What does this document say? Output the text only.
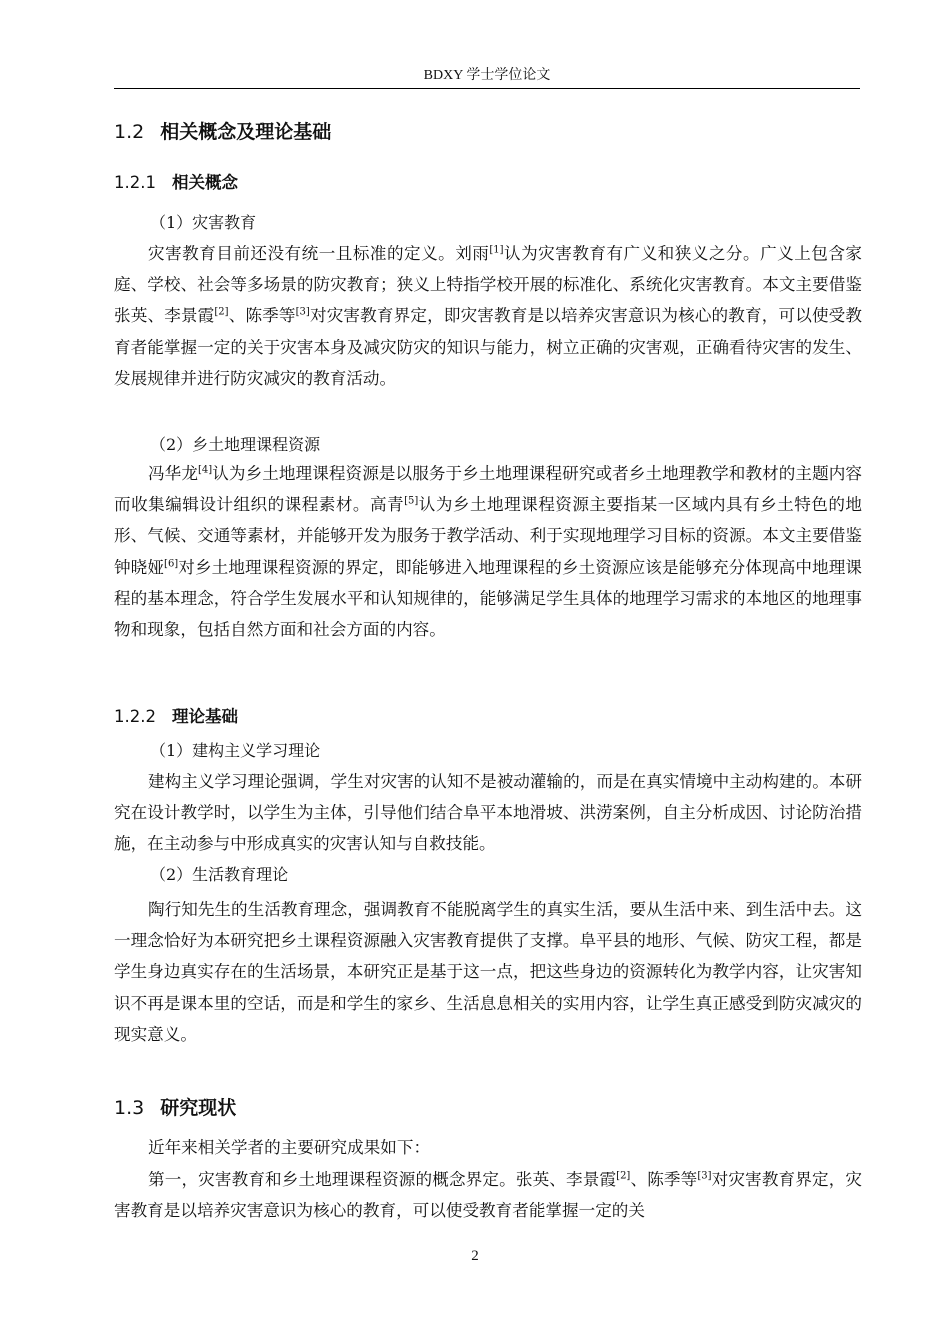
BDXY 学士学位论文
1.2 相关概念及理论基础
1.2.1 相关概念
（1）灾害教育

灾害教育目前还没有统一且标准的定义。刘雨[1]认为灾害教育有广义和狭义之分。广义上包含家庭、学校、社会等多场景的防灾教育；狭义上特指学校开展的标准化、系统化灾害教育。本文主要借鉴张英、李景霞[2]、陈季等[3]对灾害教育界定，即灾害教育是以培养灾害意识为核心的教育，可以使受教育者能掌握一定的关于灾害本身及减灾防灾的知识与能力，树立正确的灾害观，正确看待灾害的发生、发展规律并进行防灾减灾的教育活动。

（2）乡土地理课程资源

冯华龙[4]认为乡土地理课程资源是以服务于乡土地理课程研究或者乡土地理教学和教材的主题内容而收集编辑设计组织的课程素材。高青[5]认为乡土地理课程资源主要指某一区域内具有乡土特色的地形、气候、交通等素材，并能够开发为服务于教学活动、利于实现地理学习目标的资源。本文主要借鉴钟晓娅[6]对乡土地理课程资源的界定，即能够进入地理课程的乡土资源应该是能够充分体现高中地理课程的基本理念，符合学生发展水平和认知规律的，能够满足学生具体的地理学习需求的本地区的地理事物和现象，包括自然方面和社会方面的内容。

1.2.2 理论基础
（1）建构主义学习理论

建构主义学习理论强调，学生对灾害的认知不是被动灌输的，而是在真实情境中主动构建的。本研究在设计教学时，以学生为主体，引导他们结合阜平本地滑坡、洪涝案例，自主分析成因、讨论防治措施，在主动参与中形成真实的灾害认知与自救技能。

（2）生活教育理论

陶行知先生的生活教育理念，强调教育不能脱离学生的真实生活，要从生活中来、到生活中去。这一理念恰好为本研究把乡土课程资源融入灾害教育提供了支撑。阜平县的地形、气候、防灾工程，都是学生身边真实存在的生活场景，本研究正是基于这一点，把这些身边的资源转化为教学内容，让灾害知识不再是课本里的空话，而是和学生的家乡、生活息息相关的实用内容，让学生真正感受到防灾减灾的现实意义。

1.3 研究现状

近年来相关学者的主要研究成果如下：

第一，灾害教育和乡土地理课程资源的概念界定。张英、李景霞[2]、陈季等[3]对灾害教育界定，灾害教育是以培养灾害意识为核心的教育，可以使受教育者能掌握一定的关

2
